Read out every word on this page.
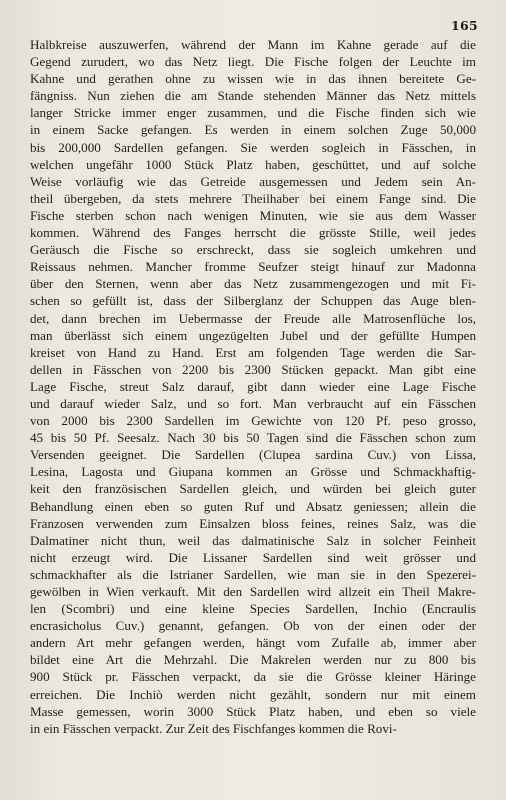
165
Halbkreise auszuwerfen, während der Mann im Kahne gerade auf die
Gegend zurudert, wo das Netz liegt. Die Fische folgen der Leuchte im
Kahne und gerathen ohne zu wissen wie in das ihnen bereitete Ge-
fängniss. Nun ziehen die am Stande stehenden Männer das Netz mittels
langer Stricke immer enger zusammen, und die Fische finden sich wie
in einem Sacke gefangen. Es werden in einem solchen Zuge 50,000
bis 200,000 Sardellen gefangen. Sie werden sogleich in Fässchen, in
welchen ungefähr 1000 Stück Platz haben, geschüttet, und auf solche
Weise vorläufig wie das Getreide ausgemessen und Jedem sein An-
theil übergeben, da stets mehrere Theilhaber bei einem Fange sind. Die
Fische sterben schon nach wenigen Minuten, wie sie aus dem Wasser
kommen. Während des Fanges herrscht die grösste Stille, weil jedes
Geräusch die Fische so erschreckt, dass sie sogleich umkehren und
Reissaus nehmen. Mancher fromme Seufzer steigt hinauf zur Madonna
über den Sternen, wenn aber das Netz zusammengezogen und mit Fi-
schen so gefüllt ist, dass der Silberglanz der Schuppen das Auge blen-
det, dann brechen im Uebermasse der Freude alle Matrosenflüche los,
man überlässt sich einem ungezügelten Jubel und der gefüllte Humpen
kreiset von Hand zu Hand. Erst am folgenden Tage werden die Sar-
dellen in Fässchen von 2200 bis 2300 Stücken gepackt. Man gibt eine
Lage Fische, streut Salz darauf, gibt dann wieder eine Lage Fische
und darauf wieder Salz, und so fort. Man verbraucht auf ein Fässchen
von 2000 bis 2300 Sardellen im Gewichte von 120 Pf. peso grosso,
45 bis 50 Pf. Seesalz. Nach 30 bis 50 Tagen sind die Fässchen schon zum
Versenden geeignet. Die Sardellen (Clupea sardina Cuv.) von Lissa,
Lesina, Lagosta und Giupana kommen an Grösse und Schmackhaftig-
keit den französischen Sardellen gleich, und würden bei gleich guter
Behandlung einen eben so guten Ruf und Absatz geniessen; allein die
Franzosen verwenden zum Einsalzen bloss feines, reines Salz, was die
Dalmatiner nicht thun, weil das dalmatinische Salz in solcher Feinheit
nicht erzeugt wird. Die Lissaner Sardellen sind weit grösser und
schmackhafter als die Istrianer Sardellen, wie man sie in den Spezerei-
gewölben in Wien verkauft. Mit den Sardellen wird allzeit ein Theil Makre-
len (Scombri) und eine kleine Species Sardellen, Inchio (Encraulis
encrasicholus Cuv.) genannt, gefangen. Ob von der einen oder der
andern Art mehr gefangen werden, hängt vom Zufalle ab, immer aber
bildet eine Art die Mehrzahl. Die Makrelen werden nur zu 800 bis
900 Stück pr. Fässchen verpackt, da sie die Grösse kleiner Häringe
erreichen. Die Inchiò werden nicht gezählt, sondern nur mit einem
Masse gemessen, worin 3000 Stück Platz haben, und eben so viele
in ein Fässchen verpackt. Zur Zeit des Fischfanges kommen die Rovi-
